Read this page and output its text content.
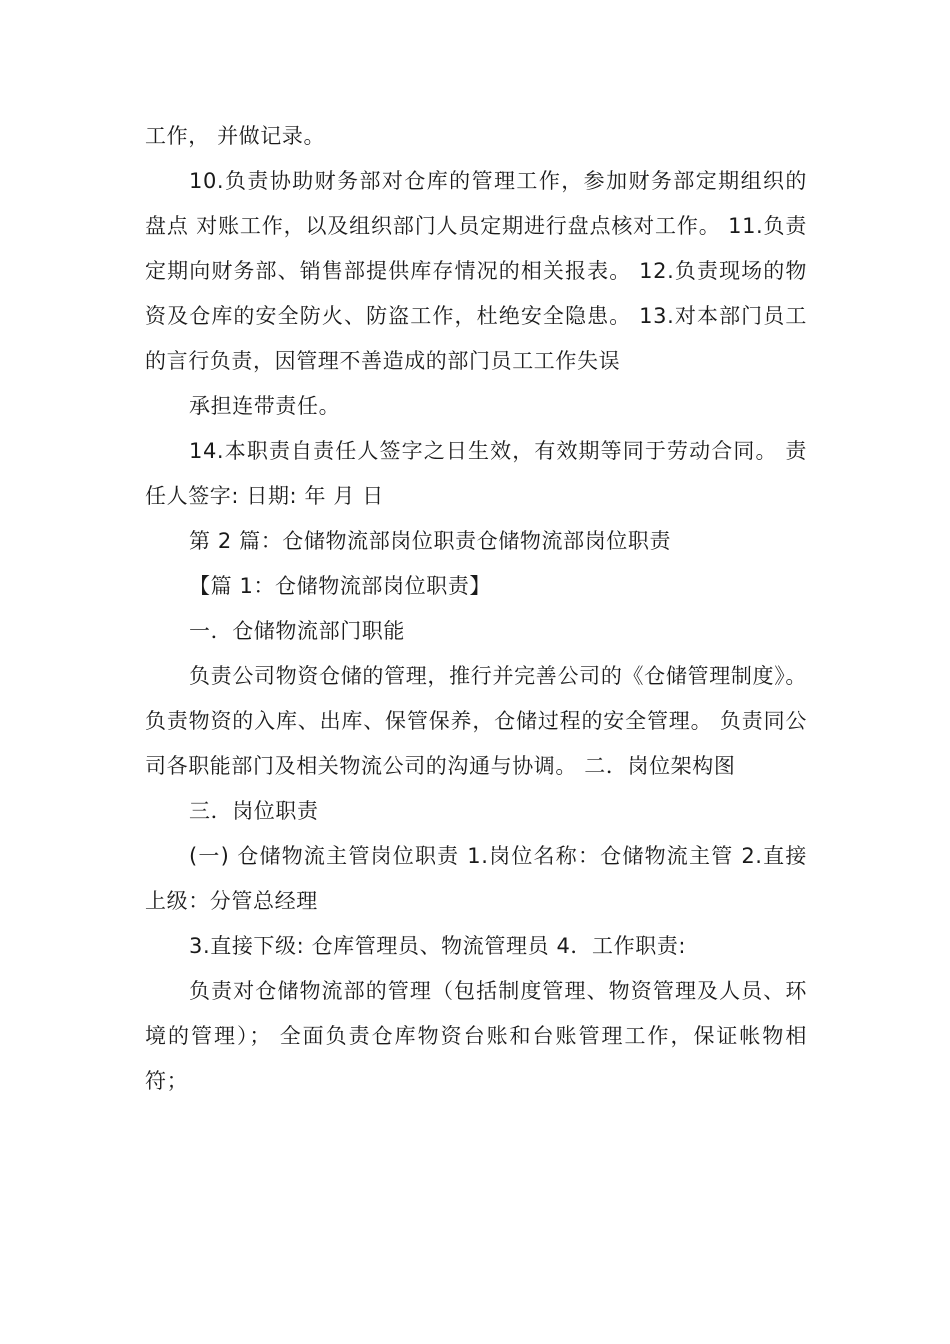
工作， 并做记录。

10.负责协助财务部对仓库的管理工作，参加财务部定期组织的盘点 对账工作，以及组织部门人员定期进行盘点核对工作。 11.负责定期向财务部、销售部提供库存情况的相关报表。 12.负责现场的物资及仓库的安全防火、防盗工作，杜绝安全隐患。 13.对本部门员工的言行负责，因管理不善造成的部门员工工作失误

承担连带责任。

14.本职责自责任人签字之日生效，有效期等同于劳动合同。 责任人签字: 日期: 年 月 日

第 2 篇：仓储物流部岗位职责仓储物流部岗位职责

【篇 1：仓储物流部岗位职责】

一．仓储物流部门职能

负责公司物资仓储的管理，推行并完善公司的《仓储管理制度》。 负责物资的入库、出库、保管保养，仓储过程的安全管理。 负责同公司各职能部门及相关物流公司的沟通与协调。 二．岗位架构图

三．岗位职责

(一) 仓储物流主管岗位职责 1.岗位名称：仓储物流主管 2.直接上级：分管总经理

3.直接下级: 仓库管理员、物流管理员 4．工作职责:

负责对仓储物流部的管理（包括制度管理、物资管理及人员、环境的管理）； 全面负责仓库物资台账和台账管理工作，保证帐物相符；
